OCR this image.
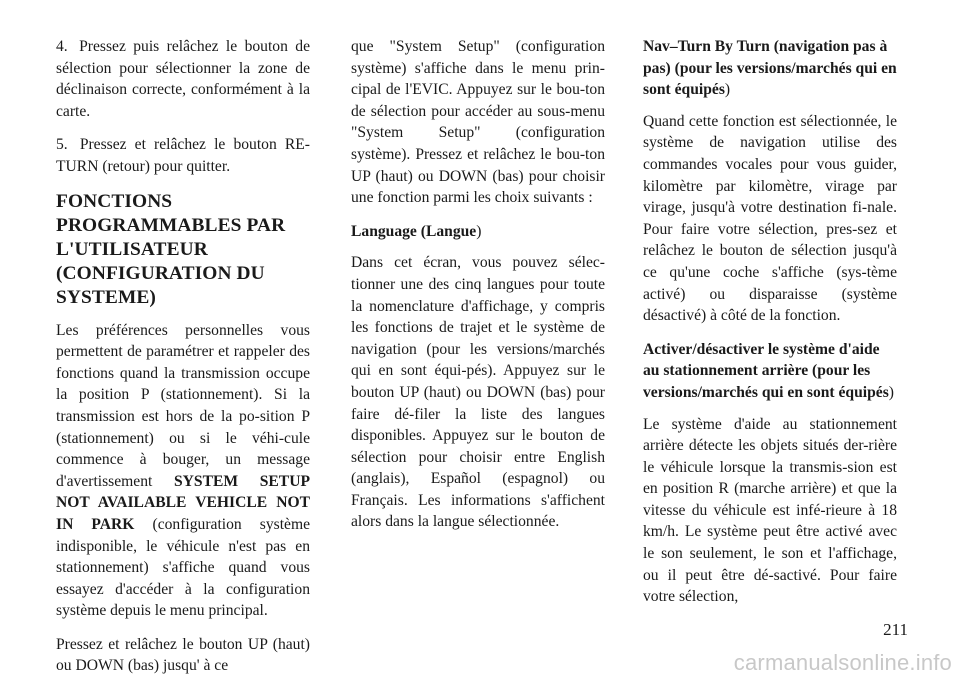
4. Pressez puis relâchez le bouton de sélection pour sélectionner la zone de déclinaison correcte, conformément à la carte.

5. Pressez et relâchez le bouton RE-TURN (retour) pour quitter.

FONCTIONS PROGRAMMABLES PAR L'UTILISATEUR (CONFIGURATION DU SYSTEME)

Les préférences personnelles vous permettent de paramétrer et rappeler des fonctions quand la transmission occupe la position P (stationnement). Si la transmission est hors de la po-sition P (stationnement) ou si le véhi-cule commence à bouger, un message d'avertissement SYSTEM SETUP NOT AVAILABLE VEHICLE NOT IN PARK (configuration système indisponible, le véhicule n'est pas en stationnement) s'affiche quand vous essayez d'accéder à la configuration système depuis le menu principal.

Pressez et relâchez le bouton UP (haut) ou DOWN (bas) jusqu' à ce

que "System Setup" (configuration système) s'affiche dans le menu prin-cipal de l'EVIC. Appuyez sur le bou-ton de sélection pour accéder au sous-menu "System Setup" (configuration système). Pressez et relâchez le bou-ton UP (haut) ou DOWN (bas) pour choisir une fonction parmi les choix suivants :

Language (Langue)

Dans cet écran, vous pouvez sélec-tionner une des cinq langues pour toute la nomenclature d'affichage, y compris les fonctions de trajet et le système de navigation (pour les versions/marchés qui en sont équi-pés). Appuyez sur le bouton UP (haut) ou DOWN (bas) pour faire dé-filer la liste des langues disponibles. Appuyez sur le bouton de sélection pour choisir entre English (anglais), Español (espagnol) ou Français. Les informations s'affichent alors dans la langue sélectionnée.

Nav–Turn By Turn (navigation pas à pas) (pour les versions/marchés qui en sont équipés)

Quand cette fonction est sélectionnée, le système de navigation utilise des commandes vocales pour vous guider, kilomètre par kilomètre, virage par virage, jusqu'à votre destination fi-nale. Pour faire votre sélection, pres-sez et relâchez le bouton de sélection jusqu'à ce qu'une coche s'affiche (sys-tème activé) ou disparaisse (système désactivé) à côté de la fonction.

Activer/désactiver le système d'aide au stationnement arrière (pour les versions/marchés qui en sont équipés)

Le système d'aide au stationnement arrière détecte les objets situés der-rière le véhicule lorsque la transmis-sion est en position R (marche arrière) et que la vitesse du véhicule est infé-rieure à 18 km/h. Le système peut être activé avec le son seulement, le son et l'affichage, ou il peut être dé-sactivé. Pour faire votre sélection,

211
carmanualsonline.info
